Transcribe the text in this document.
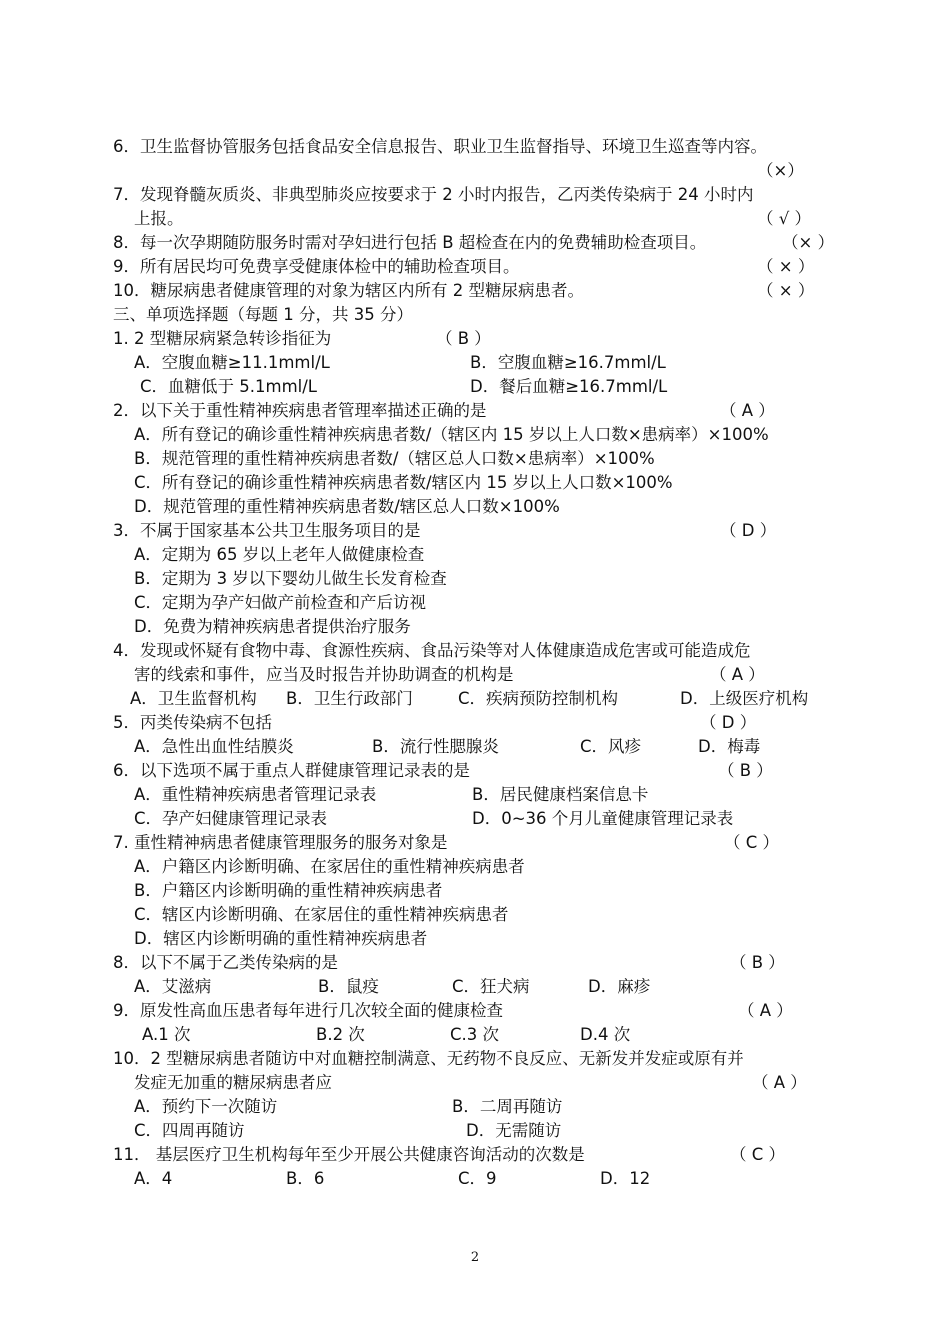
6．卫生监督协管服务包括食品安全信息报告、职业卫生监督指导、环境卫生巡查等内容。
（×）
7．发现脊髓灰质炎、非典型肺炎应按要求于 2 小时内报告，乙丙类传染病于 24 小时内
上报。	（ √ ）
8．每一次孕期随防服务时需对孕妇进行包括 B 超检查在内的免费辅助检查项目。	（× ）
9．所有居民均可免费享受健康体检中的辅助检查项目。	（ × ）
10．糖尿病患者健康管理的对象为辖区内所有 2 型糖尿病患者。	（ × ）
三、单项选择题（每题 1 分，共 35 分）
1. 2 型糖尿病紧急转诊指征为	（ B ）
A．空腹血糖≥11.1mml/L	B．空腹血糖≥16.7mml/L
C．血糖低于 5.1mml/L	D．餐后血糖≥16.7mml/L
2．以下关于重性精神疾病患者管理率描述正确的是	（ A ）
A．所有登记的确诊重性精神疾病患者数/（辖区内 15 岁以上人口数×患病率）×100%
B．规范管理的重性精神疾病患者数/（辖区总人口数×患病率）×100%
C．所有登记的确诊重性精神疾病患者数/辖区内 15 岁以上人口数×100%
D．规范管理的重性精神疾病患者数/辖区总人口数×100%
3．不属于国家基本公共卫生服务项目的是	（ D ）
A．定期为 65 岁以上老年人做健康检查
B．定期为 3 岁以下婴幼儿做生长发育检查
C．定期为孕产妇做产前检查和产后访视
D．免费为精神疾病患者提供治疗服务
4．发现或怀疑有食物中毒、食源性疾病、食品污染等对人体健康造成危害或可能造成危
害的线索和事件，应当及时报告并协助调查的机构是	（ A ）
A．卫生监督机构 B．卫生行政部门	C．疾病预防控制机构	D．上级医疗机构
5．丙类传染病不包括	（ D ）
A．急性出血性结膜炎	B．流行性腮腺炎	C．风疹	D．梅毒
6．以下选项不属于重点人群健康管理记录表的是	（ B ）
A．重性精神疾病患者管理记录表	B．居民健康档案信息卡
C．孕产妇健康管理记录表	D．0~36 个月儿童健康管理记录表
7. 重性精神病患者健康管理服务的服务对象是	（ C ）
A．户籍区内诊断明确、在家居住的重性精神疾病患者
B．户籍区内诊断明确的重性精神疾病患者
C．辖区内诊断明确、在家居住的重性精神疾病患者
D．辖区内诊断明确的重性精神疾病患者
8．以下不属于乙类传染病的是	（ B ）
A．艾滋病	B．鼠疫	C．狂犬病	D．麻疹
9．原发性高血压患者每年进行几次较全面的健康检查	（ A ）
A.1 次	B.2 次	C.3 次	D.4 次
10．2 型糖尿病患者随访中对血糖控制满意、无药物不良反应、无新发并发症或原有并
发症无加重的糖尿病患者应	（ A ）
A．预约下一次随访	B．二周再随访
C．四周再随访	D．无需随访
11． 基层医疗卫生机构每年至少开展公共健康咨询活动的次数是	（ C ）
A．4	B．6	C．9	D．12
2
